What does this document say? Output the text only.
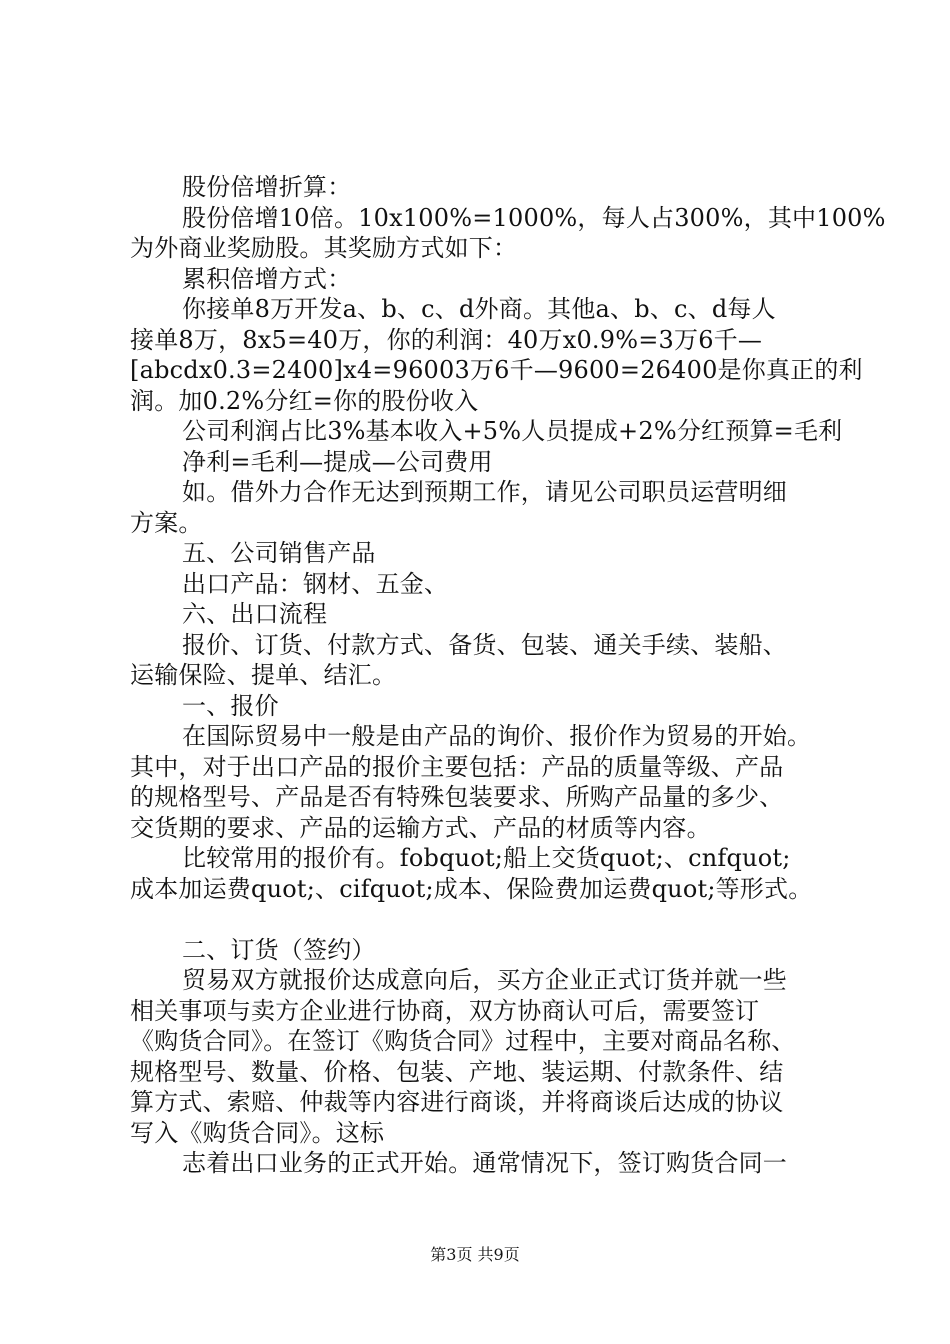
股份倍增折算：
股份倍增10倍。10x100%=1000%，每人占300%，其中100%
为外商业奖励股。其奖励方式如下：
累积倍增方式：
你接单8万开发a、b、c、d外商。其他a、b、c、d每人
接单8万，8x5=40万，你的利润：40万x0.9%=3万6千—
[abcdx0.3=2400]x4=96003万6千—9600=26400是你真正的利
润。加0.2%分红=你的股份收入
公司利润占比3%基本收入+5%人员提成+2%分红预算=毛利
净利=毛利—提成—公司费用
如。借外力合作无达到预期工作，请见公司职员运营明细
方案。
五、公司销售产品
出口产品：钢材、五金、
六、出口流程
报价、订货、付款方式、备货、包装、通关手续、装船、
运输保险、提单、结汇。
一、报价
在国际贸易中一般是由产品的询价、报价作为贸易的开始。
其中，对于出口产品的报价主要包括：产品的质量等级、产品
的规格型号、产品是否有特殊包装要求、所购产品量的多少、
交货期的要求、产品的运输方式、产品的材质等内容。
比较常用的报价有。fobquot;船上交货quot;、cnfquot;
成本加运费quot;、cifquot;成本、保险费加运费quot;等形式。
二、订货（签约）
贸易双方就报价达成意向后，买方企业正式订货并就一些
相关事项与卖方企业进行协商，双方协商认可后，需要签订
《购货合同》。在签订《购货合同》过程中，主要对商品名称、
规格型号、数量、价格、包装、产地、装运期、付款条件、结
算方式、索赔、仲裁等内容进行商谈，并将商谈后达成的协议
写入《购货合同》。这标
志着出口业务的正式开始。通常情况下，签订购货合同一
第3页 共9页
